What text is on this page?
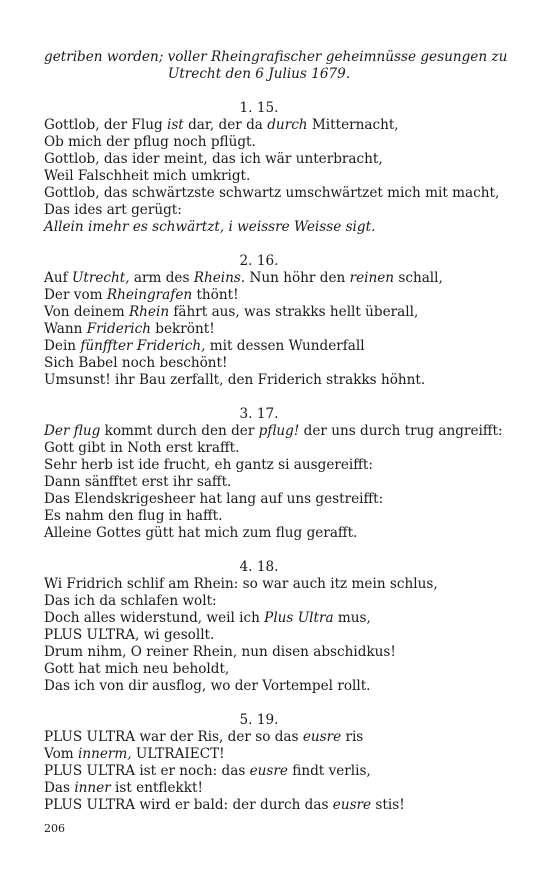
getriben worden; voller Rheingrafischer geheimnüsse gesungen zu

Utrecht den 6 Julius 1679.

1. 15.

Gottlob, der Flug ist dar, der da durch Mitternacht,

Ob mich der pflug noch pflügt.

Gottlob, das ider meint, das ich wär unterbracht,

Weil Falschheit mich umkrigt.

Gottlob, das schwärtzste schwartz umschwärtzet mich mit macht,

Das ides art gerügt:

Allein imehr es schwärtzt, i weissre Weisse sigt.

2. 16.

Auf Utrecht, arm des Rheins. Nun höhr den reinen schall,

Der vom Rheingrafen thönt!

Von deinem Rhein fährt aus, was strakks hellt überall,

Wann Friderich bekrönt!

Dein fünffter Friderich, mit dessen Wunderfall

Sich Babel noch beschönt!

Umsunst! ihr Bau zerfallt, den Friderich strakks höhnt.

3. 17.

Der flug kommt durch den der pflug! der uns durch trug angreifft:

Gott gibt in Noth erst krafft.

Sehr herb ist ide frucht, eh gantz si ausgereifft:

Dann sänfftet erst ihr safft.

Das Elendskrigesheer hat lang auf uns gestreifft:

Es nahm den flug in hafft.

Alleine Gottes gütt hat mich zum flug gerafft.

4. 18.

Wi Fridrich schlif am Rhein: so war auch itz mein schlus,

Das ich da schlafen wolt:

Doch alles widerstund, weil ich Plus Ultra mus,

PLUS ULTRA, wi gesollt.

Drum nihm, O reiner Rhein, nun disen abschidkus!

Gott hat mich neu beholdt,

Das ich von dir ausflog, wo der Vortempel rollt.

5. 19.

PLUS ULTRA war der Ris, der so das eusre ris

Vom innerm, ULTRAIECT!

PLUS ULTRA ist er noch: das eusre findt verlis,

Das inner ist entflekkt!

PLUS ULTRA wird er bald: der durch das eusre stis!

206
